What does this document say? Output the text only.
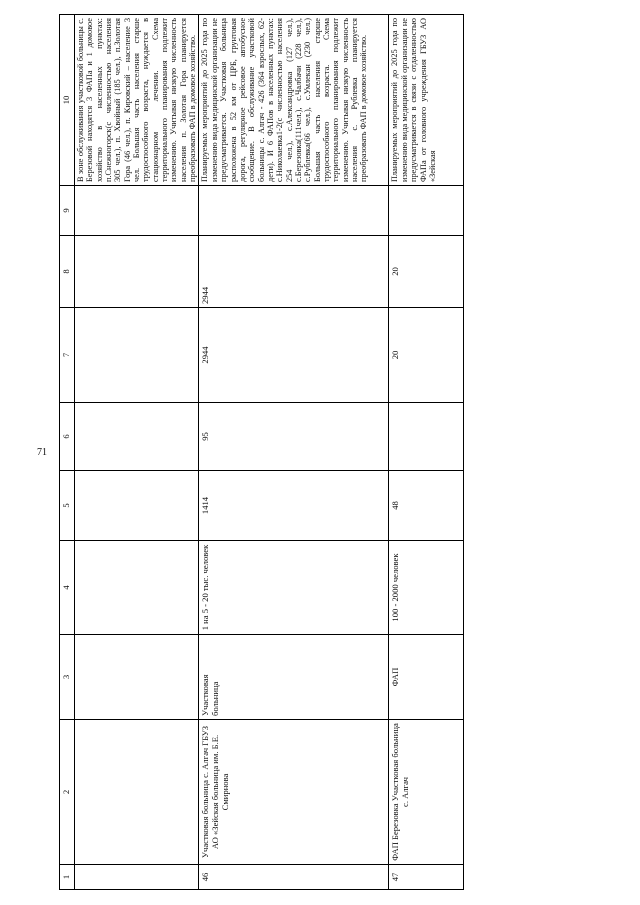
71
1	2	3	4	5	6	7	8	9	10
									В зоне обслуживания участковой больницы с. Березовой находятся 3 ФАПа и 1 домовое хозяйство в населенных пунктах: п.Снежногорск(с численностью населения 305 чел.), п. Хвойный (185 чел.), п.Золотая Гора (46 чел.), п. Кировский – население 3 чел. Большая часть населения старше трудоспособного возраста, нуждается в стационарном лечении. Схема территориального планирования подлежит изменению. Учитывая низкую численность населения п. Золотая Гора планируется преобразовать ФАП в домовое хозяйство.
46	Участковая больница с. Алгач ГБУЗ АО «Зейская больница им. Б.Е. Смирнова	Участковая больница	1 на 5 - 20 тыс. человек	1414	95	2944	2944		Планируемых мероприятий до 2025 года по изменению вида медицинской организации не предусматривается. Участковая больница расположена в 52 км от ЦРБ, грунтовая дорога, регулярное рейсовое автобусное сообщение. В обслуживание участковой больницы с. Алгач - 426 (364 взрослых, 62- дети). И 6 ФАПов в населенных пунктах: с.Николаевка1-2(с численностью населения 254 чел.), с.Александровка (127 чел.), с.Березовка(111чел.), с.Чалбачи (228 чел.), с.Рублевка(66 чел.), с.Умлекан (230 чел.) Большая часть населения старше трудоспособного возраста. Схема территориального планирования подлежит изменению. Учитывая низкую численность населения с. Рублевка планируется преобразовать ФАП в домовое хозяйство.
47	ФАП Березовка Участковая больница с. Алгач	ФАП	100 - 2000 человек	48		20	20		Планируемых мероприятий до 2025 года по изменению вида медицинской организации не предусматривается в связи с отдаленностью ФАПа от головного учреждения ГБУЗ АО «Зейская
